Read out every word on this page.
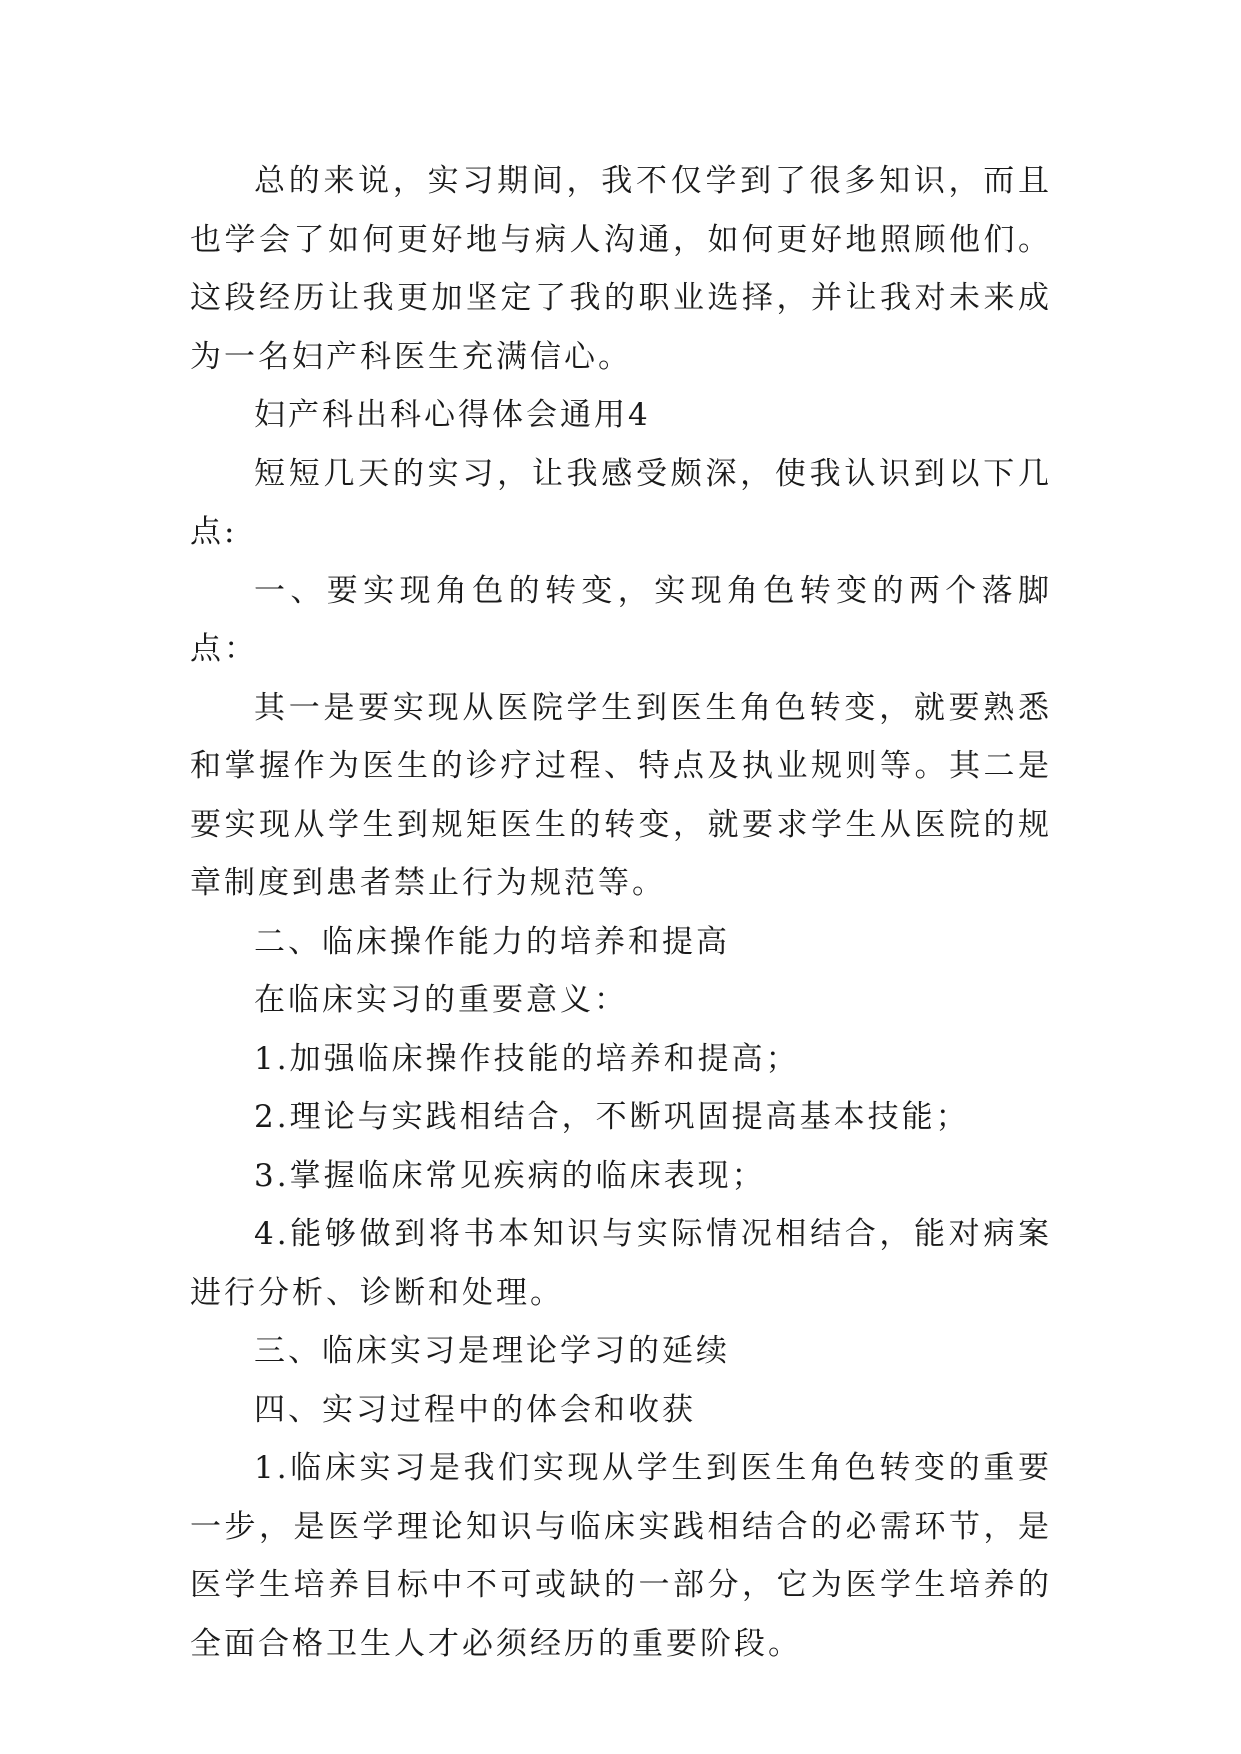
总的来说，实习期间，我不仅学到了很多知识，而且也学会了如何更好地与病人沟通，如何更好地照顾他们。这段经历让我更加坚定了我的职业选择，并让我对未来成为一名妇产科医生充满信心。

妇产科出科心得体会通用4

短短几天的实习，让我感受颇深，使我认识到以下几点:

一、要实现角色的转变，实现角色转变的两个落脚点：

其一是要实现从医院学生到医生角色转变，就要熟悉和掌握作为医生的诊疗过程、特点及执业规则等。其二是要实现从学生到规矩医生的转变，就要求学生从医院的规章制度到患者禁止行为规范等。

二、临床操作能力的培养和提高

在临床实习的重要意义：

1.加强临床操作技能的培养和提高；

2.理论与实践相结合，不断巩固提高基本技能；

3.掌握临床常见疾病的临床表现；

4.能够做到将书本知识与实际情况相结合，能对病案进行分析、诊断和处理。

三、临床实习是理论学习的延续

四、实习过程中的体会和收获

1.临床实习是我们实现从学生到医生角色转变的重要一步，是医学理论知识与临床实践相结合的必需环节，是医学生培养目标中不可或缺的一部分，它为医学生培养的全面合格卫生人才必须经历的重要阶段。
